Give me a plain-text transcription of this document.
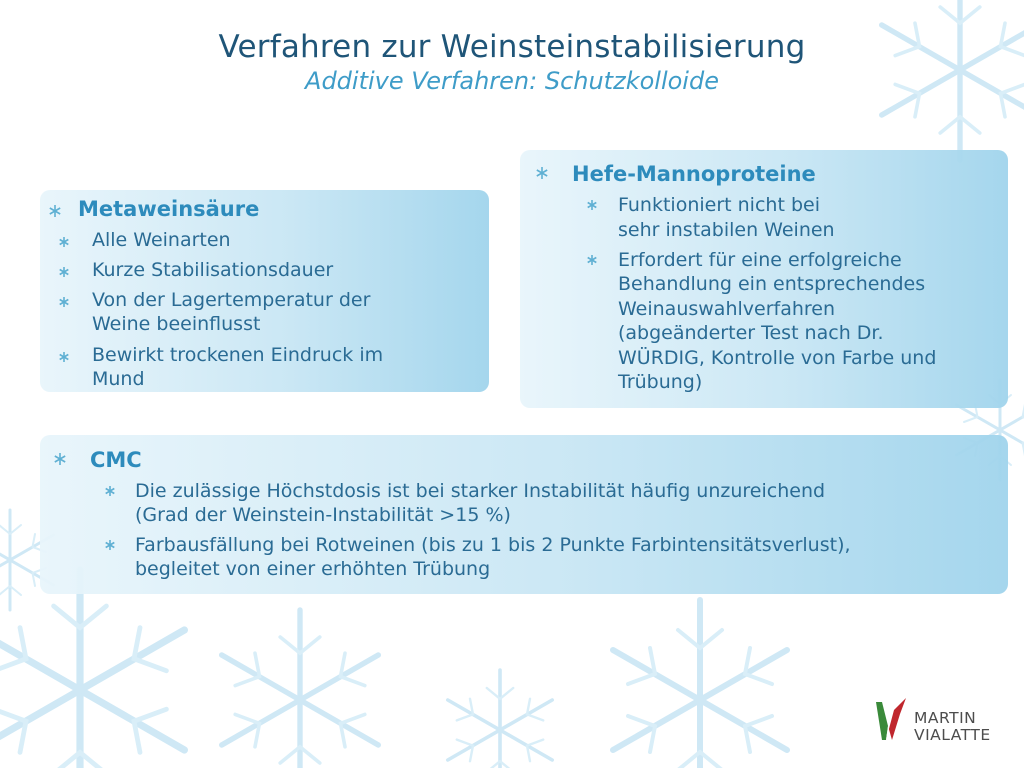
Verfahren zur Weinsteinstabilisierung
Additive Verfahren: Schutzkolloide
Metaweinsäure
Alle Weinarten
Kurze Stabilisationsdauer
Von der Lagertemperatur der
Weine beeinflusst
Bewirkt trockenen Eindruck im
Mund
Hefe-Mannoproteine
Funktioniert nicht bei
sehr instabilen Weinen
Erfordert für eine erfolgreiche
Behandlung ein entsprechendes
Weinauswahlverfahren
(abgeänderter Test nach Dr.
WÜRDIG, Kontrolle von Farbe und
Trübung)
CMC
Die zulässige Höchstdosis ist bei starker Instabilität häufig unzureichend
(Grad der Weinstein-Instabilität >15 %)
Farbausfällung bei Rotweinen (bis zu 1 bis 2 Punkte Farbintensitätsverlust),
begleitet von einer erhöhten Trübung
MARTIN
VIALATTE
